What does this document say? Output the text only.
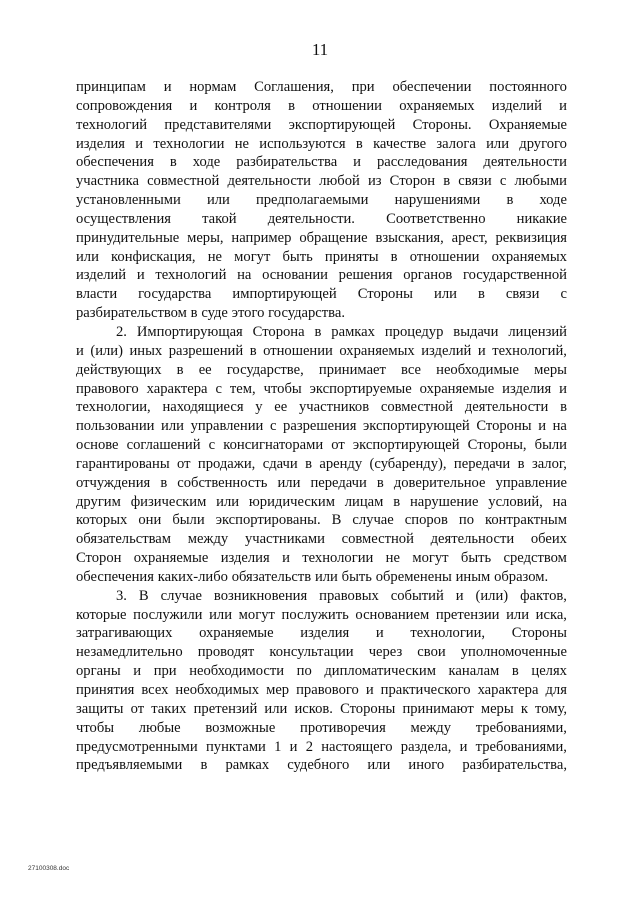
11
принципам и нормам Соглашения, при обеспечении постоянного
сопровождения и контроля в отношении охраняемых изделий и
технологий представителями экспортирующей Стороны. Охраняемые
изделия и технологии не используются в качестве залога или другого
обеспечения в ходе разбирательства и расследования деятельности
участника совместной деятельности любой из Сторон в связи с любыми
установленными или предполагаемыми нарушениями в ходе
осуществления такой деятельности. Соответственно никакие
принудительные меры, например обращение взыскания, арест, реквизиция
или конфискация, не могут быть приняты в отношении охраняемых
изделий и технологий на основании решения органов государственной
власти государства импортирующей Стороны или в связи с
разбирательством в суде этого государства.
2. Импортирующая Сторона в рамках процедур выдачи лицензий
и (или) иных разрешений в отношении охраняемых изделий и технологий,
действующих в ее государстве, принимает все необходимые меры
правового характера с тем, чтобы экспортируемые охраняемые изделия и
технологии, находящиеся у ее участников совместной деятельности в
пользовании или управлении с разрешения экспортирующей Стороны и на
основе соглашений с консигнаторами от экспортирующей Стороны, были
гарантированы от продажи, сдачи в аренду (субаренду), передачи в залог,
отчуждения в собственность или передачи в доверительное управление
другим физическим или юридическим лицам в нарушение условий, на
которых они были экспортированы. В случае споров по контрактным
обязательствам между участниками совместной деятельности обеих
Сторон охраняемые изделия и технологии не могут быть средством
обеспечения каких-либо обязательств или быть обременены иным образом.
3. В случае возникновения правовых событий и (или) фактов,
которые послужили или могут послужить основанием претензии или иска,
затрагивающих охраняемые изделия и технологии, Стороны
незамедлительно проводят консультации через свои уполномоченные
органы и при необходимости по дипломатическим каналам в целях
принятия всех необходимых мер правового и практического характера для
защиты от таких претензий или исков. Стороны принимают меры к тому,
чтобы любые возможные противоречия между требованиями,
предусмотренными пунктами 1 и 2 настоящего раздела, и требованиями,
предъявляемыми в рамках судебного или иного разбирательства,
27100308.doc
